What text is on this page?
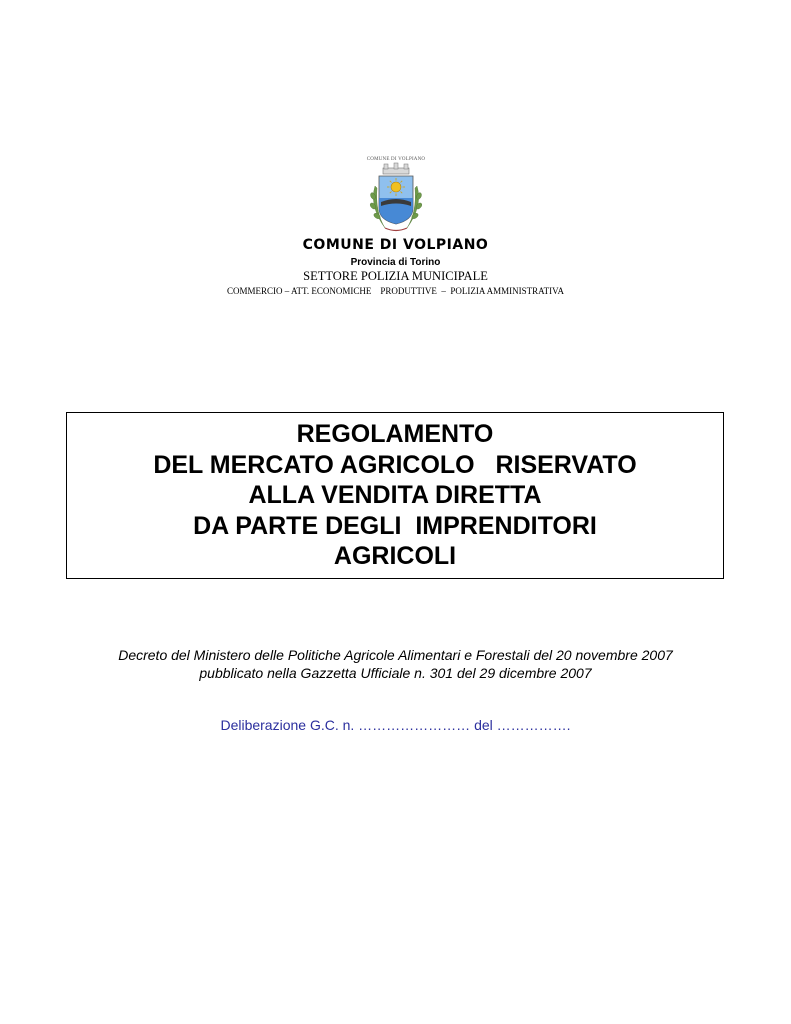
COMUNE DI VOLPIANO
COMUNE DI VOLPIANO
Provincia di Torino
SETTORE POLIZIA MUNICIPALE
COMMERCIO – ATT. ECONOMICHE    PRODUTTIVE  –  POLIZIA AMMINISTRATIVA
REGOLAMENTO
DEL MERCATO AGRICOLO   RISERVATO
ALLA VENDITA DIRETTA
DA PARTE DEGLI  IMPRENDITORI
AGRICOLI
Decreto del Ministero delle Politiche Agricole Alimentari e Forestali del 20 novembre 2007
pubblicato nella Gazzetta Ufficiale n. 301 del 29 dicembre 2007
Deliberazione G.C. n. …………………… del …………….
